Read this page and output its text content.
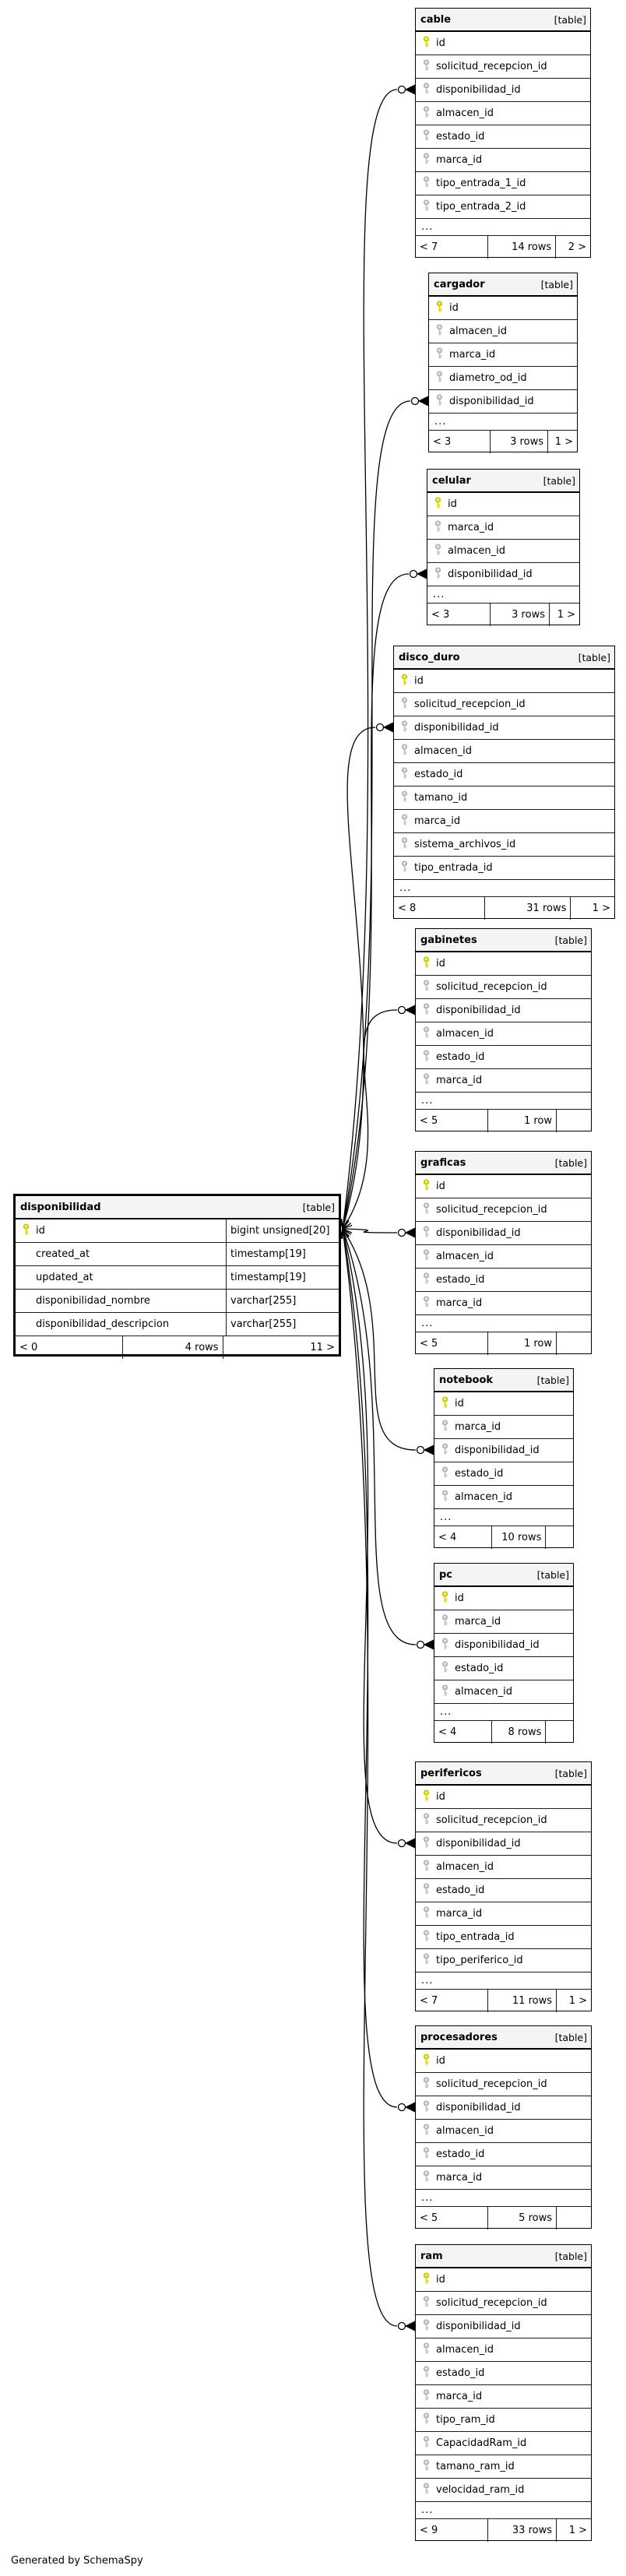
disponibilidad	[table]
id	bigint unsigned[20]
created_at	timestamp[19]
updated_at	timestamp[19]
disponibilidad_nombre	varchar[255]
disponibilidad_descripcion	varchar[255]
< 0	4 rows	11 >
cable	[table]
id
solicitud_recepcion_id
disponibilidad_id
almacen_id
estado_id
marca_id
tipo_entrada_1_id
tipo_entrada_2_id
...
< 7	14 rows	2 >
cargador	[table]
id
almacen_id
marca_id
diametro_od_id
disponibilidad_id
...
< 3	3 rows	1 >
celular	[table]
id
marca_id
almacen_id
disponibilidad_id
...
< 3	3 rows	1 >
disco_duro	[table]
id
solicitud_recepcion_id
disponibilidad_id
almacen_id
estado_id
tamano_id
marca_id
sistema_archivos_id
tipo_entrada_id
...
< 8	31 rows	1 >
gabinetes	[table]
id
solicitud_recepcion_id
disponibilidad_id
almacen_id
estado_id
marca_id
...
< 5	1 row
graficas	[table]
id
solicitud_recepcion_id
disponibilidad_id
almacen_id
estado_id
marca_id
...
< 5	1 row
notebook	[table]
id
marca_id
disponibilidad_id
estado_id
almacen_id
...
< 4	10 rows
pc	[table]
id
marca_id
disponibilidad_id
estado_id
almacen_id
...
< 4	8 rows
perifericos	[table]
id
solicitud_recepcion_id
disponibilidad_id
almacen_id
estado_id
marca_id
tipo_entrada_id
tipo_periferico_id
...
< 7	11 rows	1 >
procesadores	[table]
id
solicitud_recepcion_id
disponibilidad_id
almacen_id
estado_id
marca_id
...
< 5	5 rows
ram	[table]
id
solicitud_recepcion_id
disponibilidad_id
almacen_id
estado_id
marca_id
tipo_ram_id
CapacidadRam_id
tamano_ram_id
velocidad_ram_id
...
< 9	33 rows	1 >
Generated by SchemaSpy
